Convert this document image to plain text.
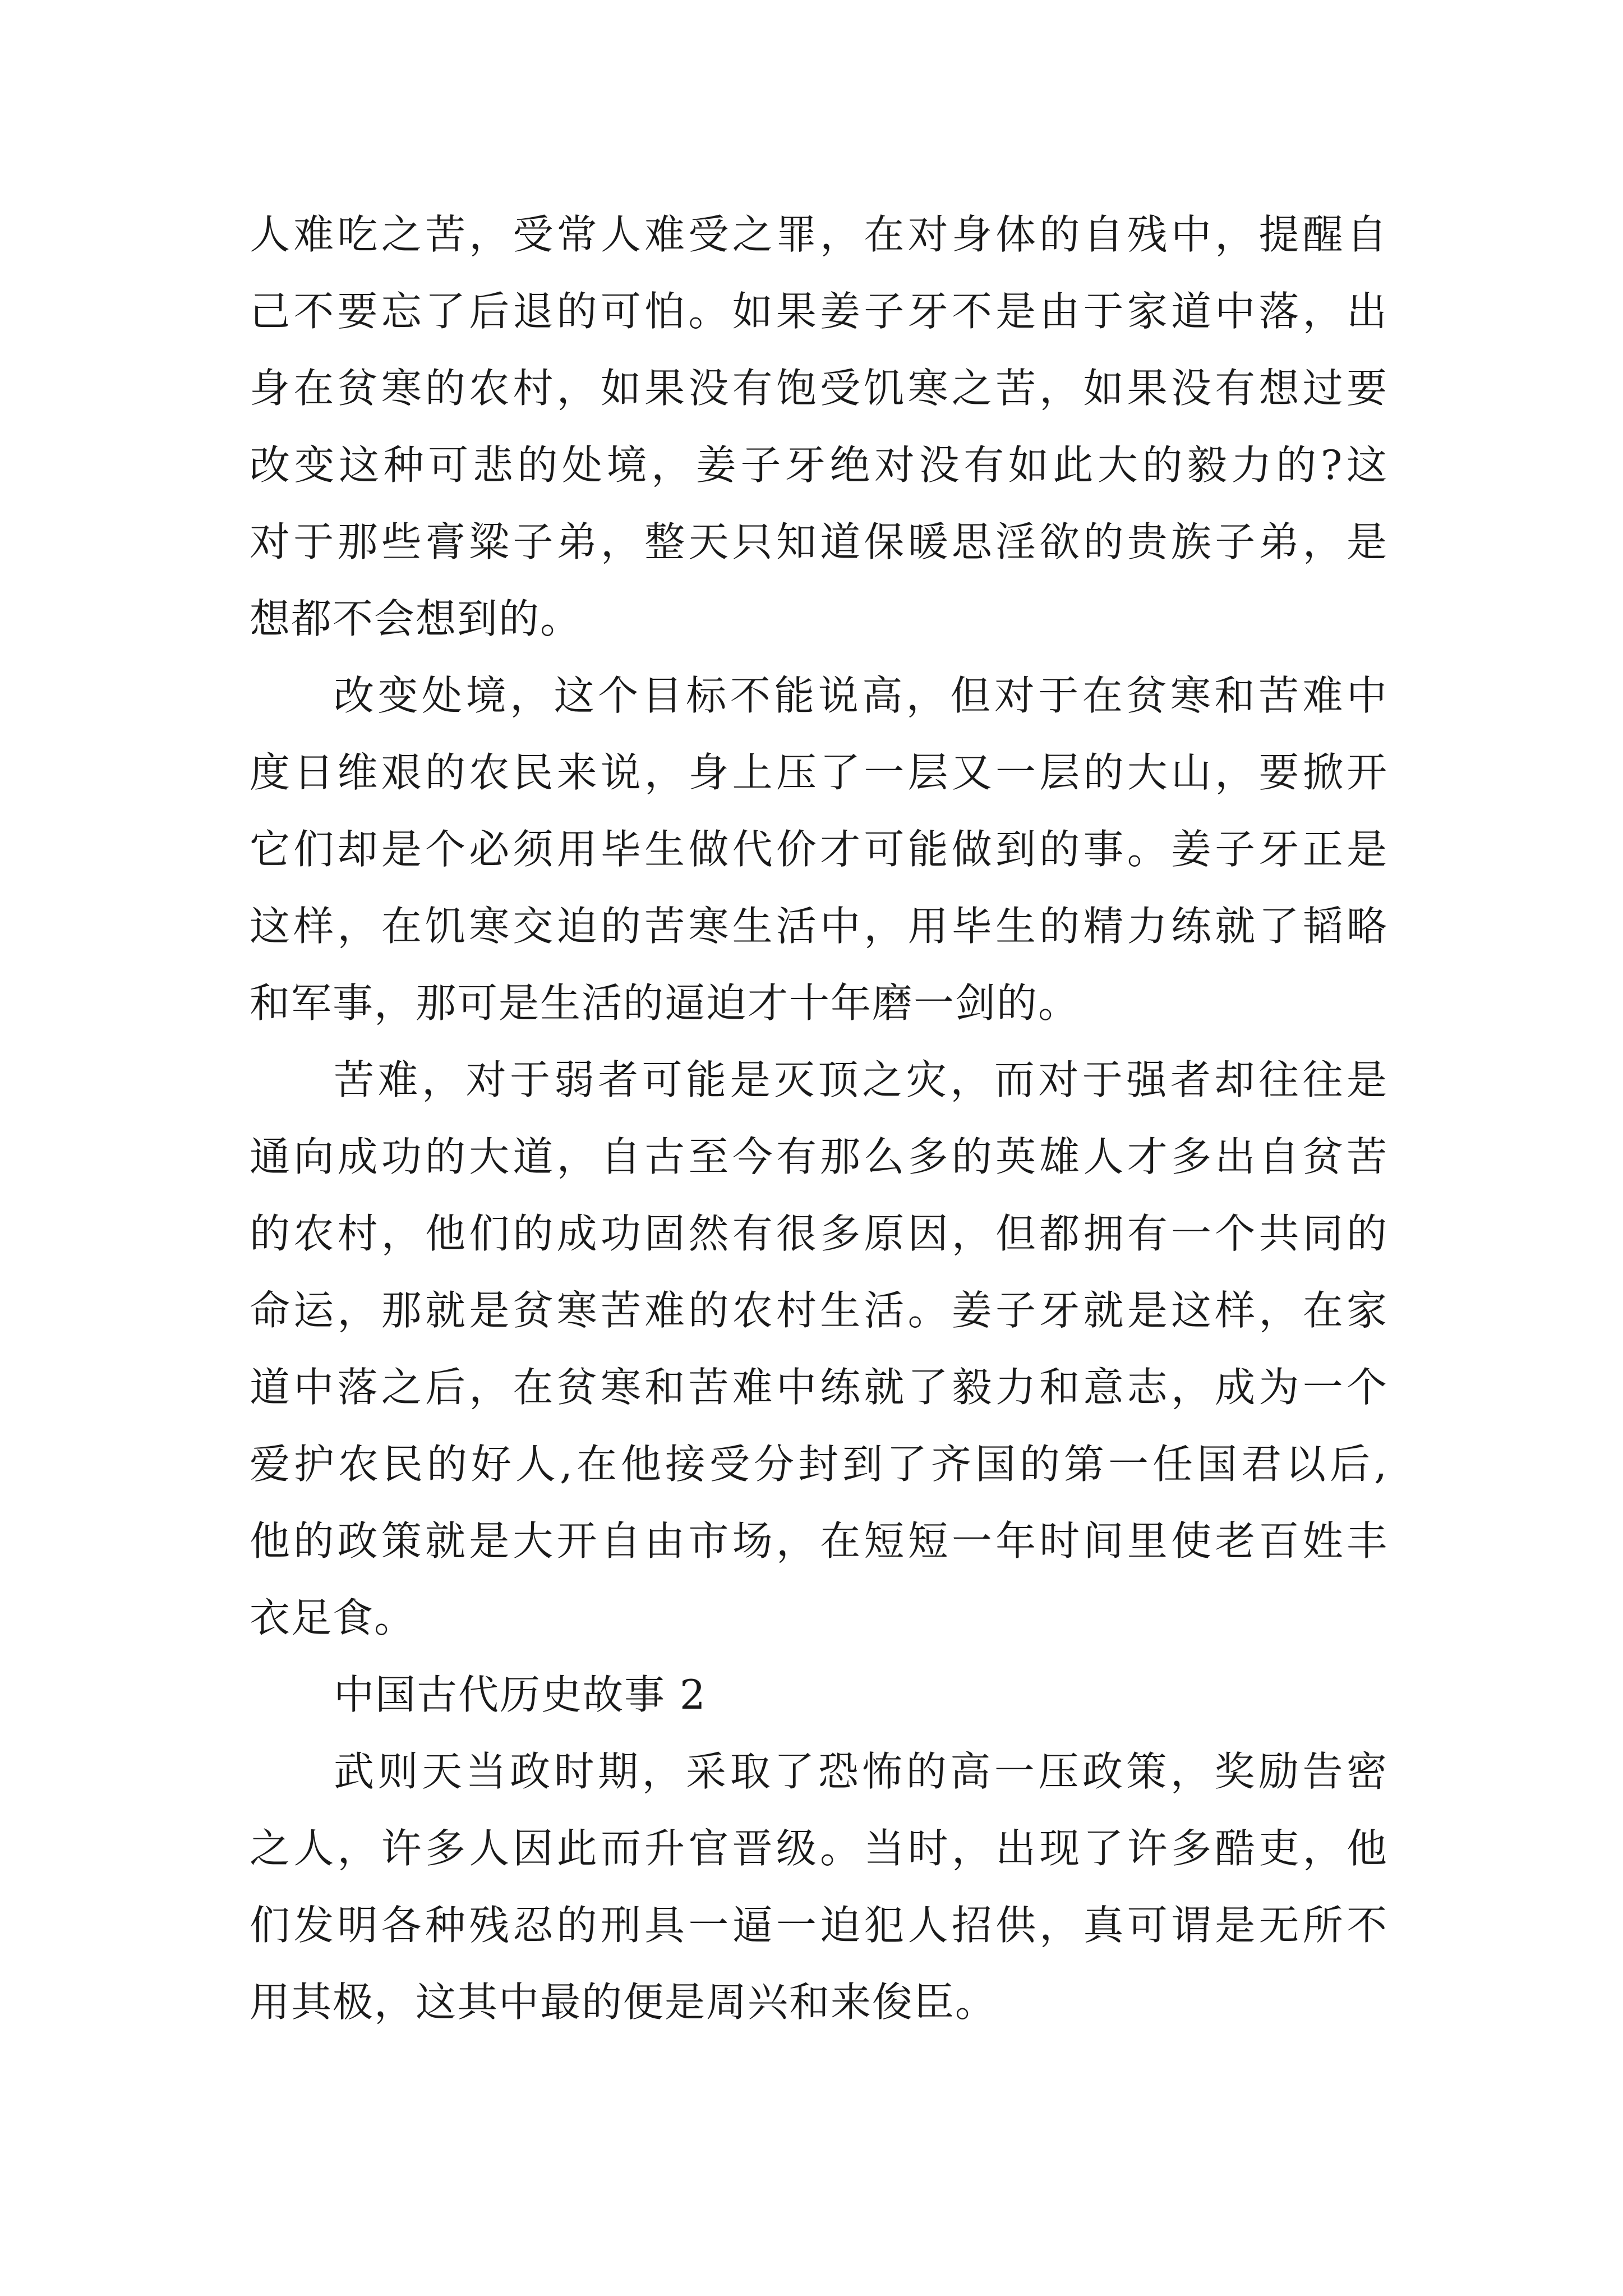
人难吃之苦，受常人难受之罪，在对身体的自残中，提醒自
己不要忘了后退的可怕。如果姜子牙不是由于家道中落，出
身在贫寒的农村，如果没有饱受饥寒之苦，如果没有想过要
改变这种可悲的处境，姜子牙绝对没有如此大的毅力的?这
对于那些膏粱子弟，整天只知道保暖思淫欲的贵族子弟，是
想都不会想到的。
改变处境，这个目标不能说高，但对于在贫寒和苦难中
度日维艰的农民来说，身上压了一层又一层的大山，要掀开
它们却是个必须用毕生做代价才可能做到的事。姜子牙正是
这样，在饥寒交迫的苦寒生活中，用毕生的精力练就了韬略
和军事，那可是生活的逼迫才十年磨一剑的。
苦难，对于弱者可能是灭顶之灾，而对于强者却往往是
通向成功的大道，自古至今有那么多的英雄人才多出自贫苦
的农村，他们的成功固然有很多原因，但都拥有一个共同的
命运，那就是贫寒苦难的农村生活。姜子牙就是这样，在家
道中落之后，在贫寒和苦难中练就了毅力和意志，成为一个
爱护农民的好人,在他接受分封到了齐国的第一任国君以后,
他的政策就是大开自由市场，在短短一年时间里使老百姓丰
衣足食。
中国古代历史故事 2
武则天当政时期，采取了恐怖的高一压政策，奖励告密
之人，许多人因此而升官晋级。当时，出现了许多酷吏，他
们发明各种残忍的刑具一逼一迫犯人招供，真可谓是无所不
用其极，这其中最的便是周兴和来俊臣。
